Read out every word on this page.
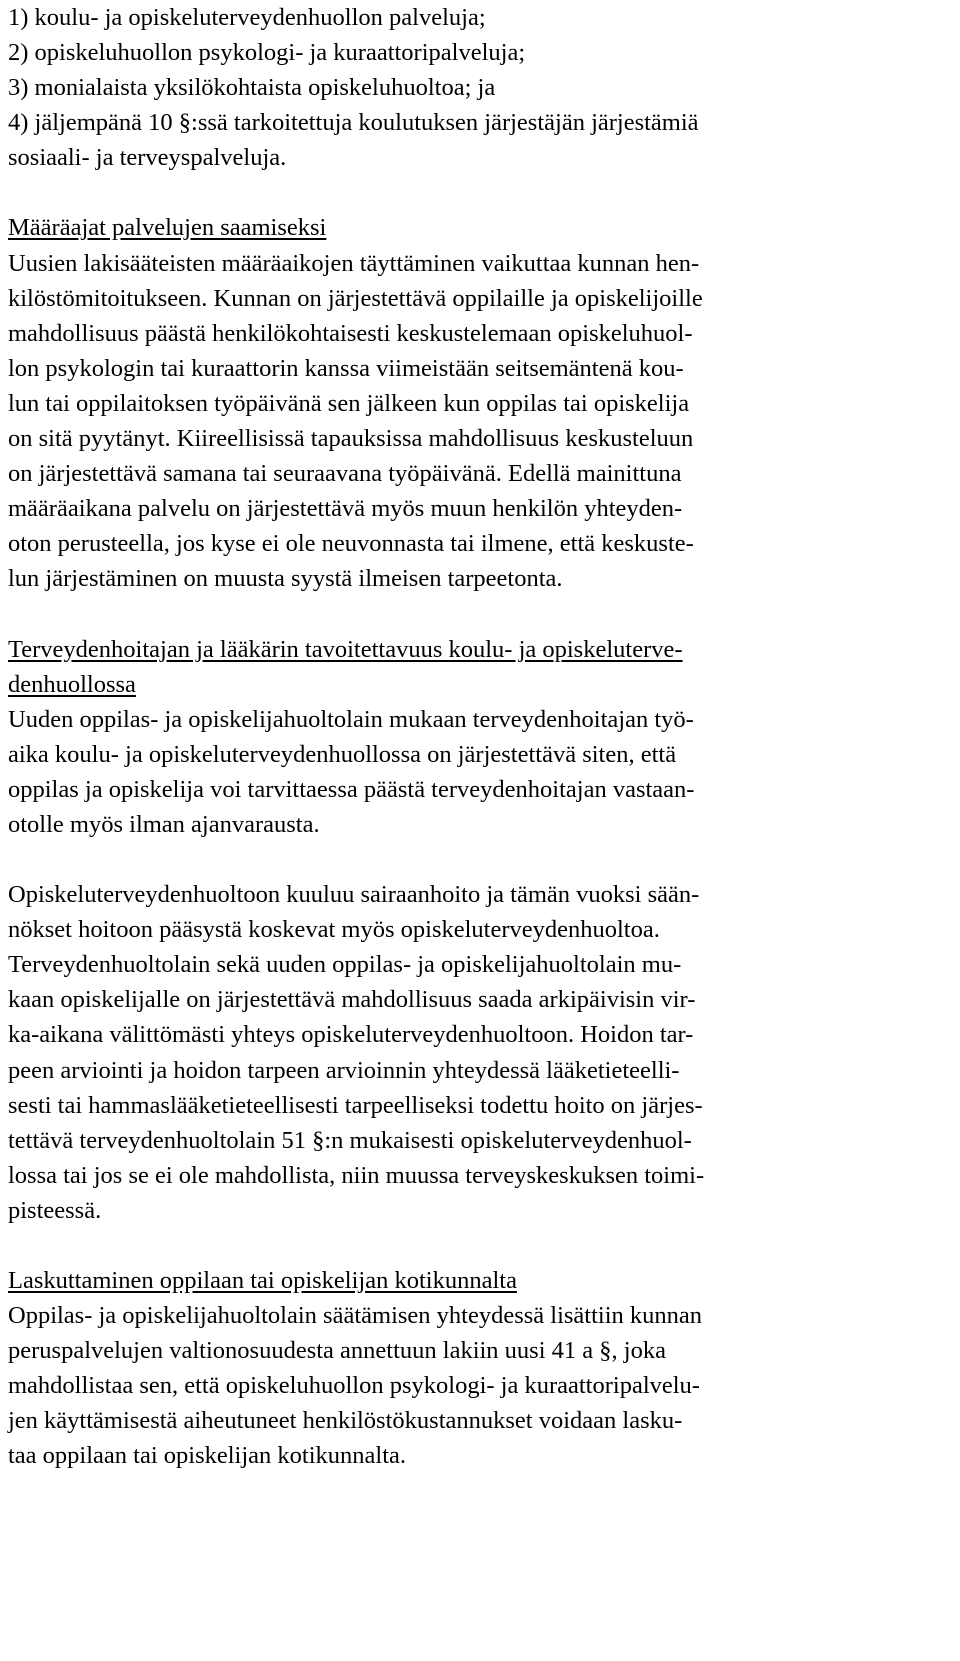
1) koulu- ja opiskeluterveydenhuollon palveluja;
2) opiskeluhuollon psykologi- ja kuraattoripalveluja;
3) monialaista yksilökohtaista opiskeluhuoltoa; ja
4) jäljempänä 10 §:ssä tarkoitettuja koulutuksen järjestäjän järjestämiä
sosiaali- ja terveyspalveluja.
Määräajat palvelujen saamiseksi
Uusien lakisääteisten määräaikojen täyttäminen vaikuttaa kunnan hen-
kilöstömitoitukseen. Kunnan on järjestettävä oppilaille ja opiskelijoille
mahdollisuus päästä henkilökohtaisesti keskustelemaan opiskeluhuol-
lon psykologin tai kuraattorin kanssa viimeistään seitsemäntenä kou-
lun tai oppilaitoksen työpäivänä sen jälkeen kun oppilas tai opiskelija
on sitä pyytänyt. Kiireellisissä tapauksissa mahdollisuus keskusteluun
on järjestettävä samana tai seuraavana työpäivänä. Edellä mainittuna
määräaikana palvelu on järjestettävä myös muun henkilön yhteyden-
oton perusteella, jos kyse ei ole neuvonnasta tai ilmene, että keskuste-
lun järjestäminen on muusta syystä ilmeisen tarpeetonta.
Terveydenhoitajan ja lääkärin tavoitettavuus koulu- ja opiskeluterve-
denhuollossa
Uuden oppilas- ja opiskelijahuoltolain mukaan terveydenhoitajan työ-
aika koulu- ja opiskeluterveydenhuollossa on järjestettävä siten, että
oppilas ja opiskelija voi tarvittaessa päästä terveydenhoitajan vastaan-
otolle myös ilman ajanvarausta.
Opiskeluterveydenhuoltoon kuuluu sairaanhoito ja tämän vuoksi sään-
nökset hoitoon pääsystä koskevat myös opiskeluterveydenhuoltoa.
Terveydenhuoltolain sekä uuden oppilas- ja opiskelijahuoltolain mu-
kaan opiskelijalle on järjestettävä mahdollisuus saada arkipäivisin vir-
ka-aikana välittömästi yhteys opiskeluterveydenhuoltoon. Hoidon tar-
peen arviointi ja hoidon tarpeen arvioinnin yhteydessä lääketieteelli-
sesti tai hammaslääketieteellisesti tarpeelliseksi todettu hoito on järjes-
tettävä terveydenhuoltolain 51 §:n mukaisesti opiskeluterveydenhuol-
lossa tai jos se ei ole mahdollista, niin muussa terveyskeskuksen toimi-
pisteessä.
Laskuttaminen oppilaan tai opiskelijan kotikunnalta
Oppilas- ja opiskelijahuoltolain säätämisen yhteydessä lisättiin kunnan
peruspalvelujen valtionosuudesta annettuun lakiin uusi 41 a §, joka
mahdollistaa sen, että opiskeluhuollon psykologi- ja kuraattoripalvelu-
jen käyttämisestä aiheutuneet henkilöstökustannukset voidaan lasku-
taa oppilaan tai opiskelijan kotikunnalta.
